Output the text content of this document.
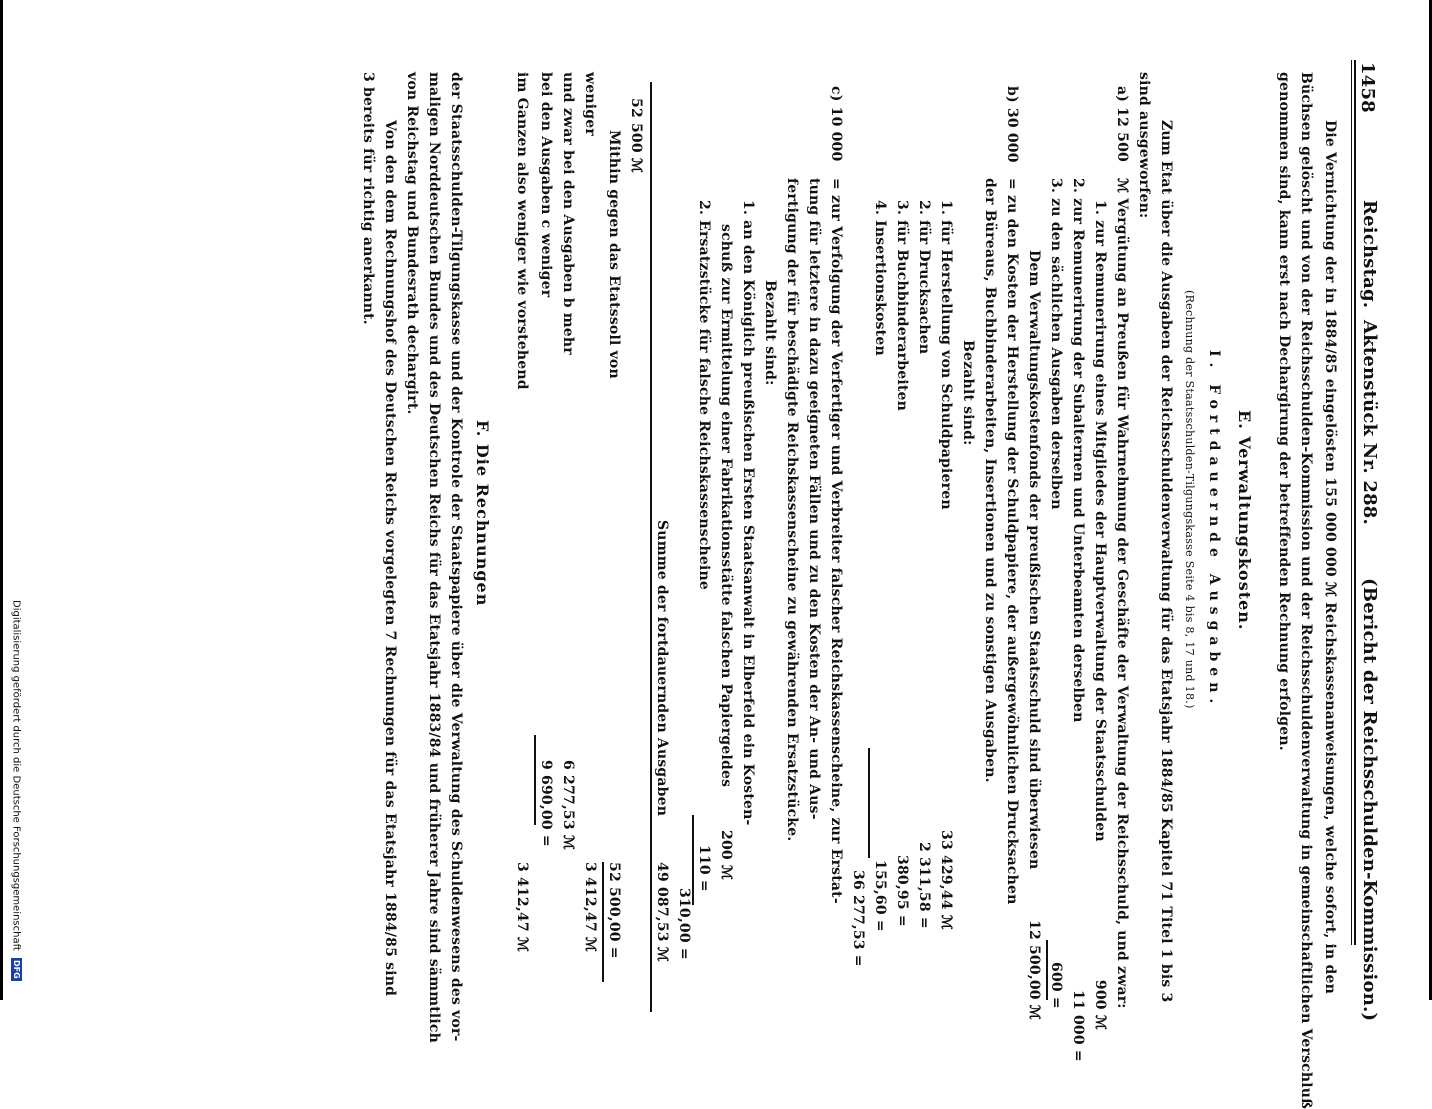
1458
Reichstag.
Aktenstück Nr. 288.
(Bericht der Reichsschulden-Kommission.)
Die Vernichtung der in 1884/85 eingelösten 155 000 000 ℳ Reichskassenanweisungen, welche sofort, in den
Büchsen gelöscht und von der Reichsschulden-Kommission und der Reichsschuldenverwaltung in gemeinschaftlichen Verschluß
genommen sind, kann erst nach Dechargirung der betreffenden Rechnung erfolgen.
E. Verwaltungskosten.
I. Fortdauernde Ausgaben.
(Rechnung der Staatsschulden-Tilgungskasse Seite 4 bis 8, 17 und 18.)
Zum Etat über die Ausgaben der Reichsschuldenverwaltung für das Etatsjahr 1884/85 Kapitel 71 Titel 1 bis 3
sind ausgeworfen:
a) 12 500
ℳ Vergütung an Preußen für Wahrnehmung der Geschäfte der Verwaltung der Reichsschuld, und zwar:
1. zur Remunerirung eines Mitgliedes der Hauptverwaltung der Staatsschulden
900 ℳ
2. zur Remunerirung der Subalternen und Unterbeamten derselben
11 000 =
3. zu den sächlichen Ausgaben derselben
600 =
Dem Verwaltungskostenfonds der preußischen Staatsschuld sind überwiesen
12 500,00 ℳ
b) 30 000
= zu den Kosten der Herstellung der Schuldpapiere, der außergewöhnlichen Drucksachen
der Büreaus, Buchbinderarbeiten, Insertionen und zu sonstigen Ausgaben.
Bezahlt sind:
1. für Herstellung von Schuldpapieren
33 429,44 ℳ
2. für Drucksachen
2 311,58 =
3. für Buchbinderarbeiten
380,95 =
4. Insertionskosten
155,60 =
36 277,53 =
c) 10 000
= zur Verfolgung der Verfertiger und Verbreiter falscher Reichskassenscheine, zur Erstat-
tung für letztere in dazu geeigneten Fällen und zu den Kosten der An- und Aus-
fertigung der für beschädigte Reichskassenscheine zu gewährenden Ersatzstücke.
Bezahlt sind:
1. an den Königlich preußischen Ersten Staatsanwalt in Elberfeld ein Kosten-
schuß zur Ermittelung einer Fabrikationsstätte falschen Papiergeldes
200 ℳ
2. Ersatzstücke für falsche Reichskassenscheine
110 =
310,00 =
Summe der fortdauernden Ausgaben
49 087,53 ℳ
52 500 ℳ
Mithin gegen das Etatssoll von
52 500,00 =
weniger
3 412,47 ℳ
und zwar bei den Ausgaben b mehr
6 277,53 ℳ
bei den Ausgaben c weniger
9 690,00 =
im Ganzen also weniger wie vorstehend
3 412,47 ℳ
F. Die Rechnungen
der Staatsschulden-Tilgungskasse und der Kontrole der Staatspapiere über die Verwaltung des Schuldenwesens des vor-
maligen Norddeutschen Bundes und des Deutschen Reichs für das Etatsjahr 1883/84 und früherer Jahre sind sämmtlich
von Reichstag und Bundesrath dechargirt.
Von den dem Rechnungshof des Deutschen Reichs vorgelegten 7 Rechnungen für das Etatsjahr 1884/85 sind
3 bereits für richtig anerkannt.
Digitalisierung gefördert durch die Deutsche Forschungsgemeinschaft DFG
